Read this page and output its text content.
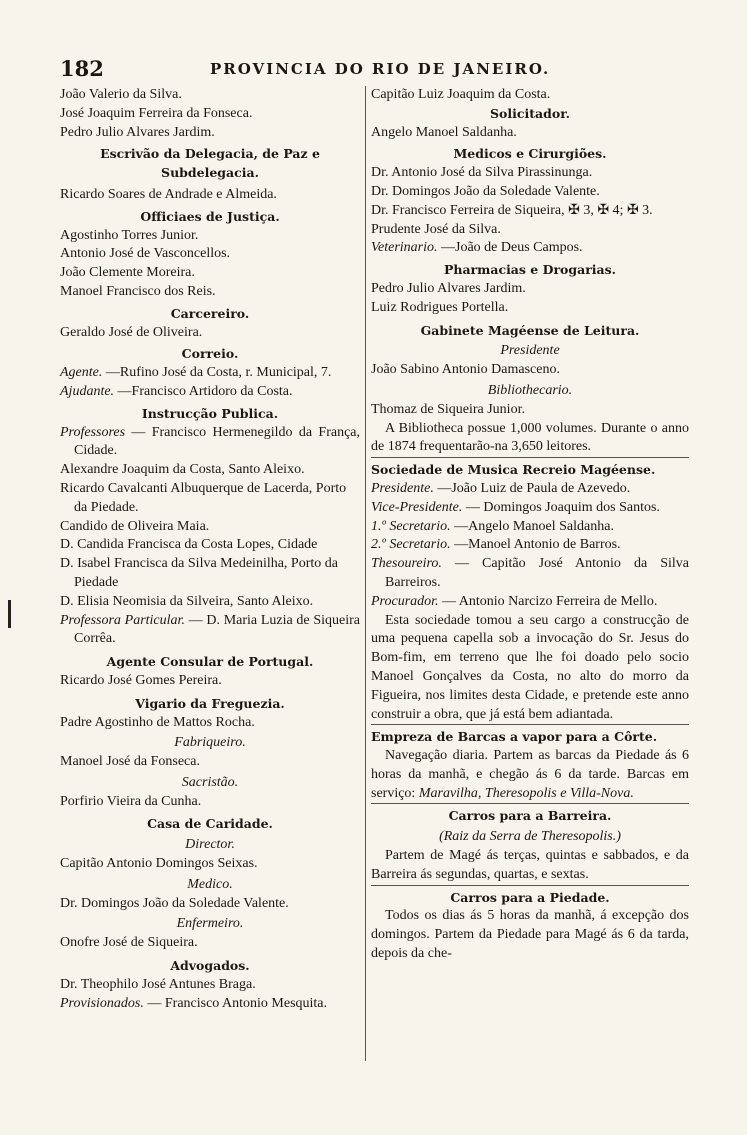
182	PROVINCIA DO RIO DE JANEIRO.

João Valerio da Silva.

José Joaquim Ferreira da Fonseca.

Pedro Julio Alvares Jardim.

Escrivão da Delegacia, de Paz e Subdelegacia.

Ricardo Soares de Andrade e Almeida.

Officiaes de Justiça.

Agostinho Torres Junior.

Antonio José de Vasconcellos.

João Clemente Moreira.

Manoel Francisco dos Reis.

Carcereiro.

Geraldo José de Oliveira.

Correio.

Agente. —Rufino José da Costa, r. Municipal, 7.

Ajudante. —Francisco Artidoro da Costa.

Instrucção Publica.

Professores — Francisco Hermenegildo da França, Cidade.

Alexandre Joaquim da Costa, Santo Aleixo.

Ricardo Cavalcanti Albuquerque de Lacerda, Porto da Piedade.

Candido de Oliveira Maia.

D. Candida Francisca da Costa Lopes, Cidade

D. Isabel Francisca da Silva Medeinilha, Porto da Piedade

D. Elisia Neomisia da Silveira, Santo Aleixo.

Professora Particular. — D. Maria Luzia de Siqueira Corrêa.

Agente Consular de Portugal.

Ricardo José Gomes Pereira.

Vigario da Freguezia.

Padre Agostinho de Mattos Rocha.

Fabriqueiro.

Manoel José da Fonseca.

Sacristão.

Porfirio Vieira da Cunha.

Casa de Caridade.

Director.

Capitão Antonio Domingos Seixas.

Medico.

Dr. Domingos João da Soledade Valente.

Enfermeiro.

Onofre José de Siqueira.

Advogados.

Dr. Theophilo José Antunes Braga.

Provisionados. — Francisco Antonio Mesquita.

Capitão Luiz Joaquim da Costa.

Solicitador.

Angelo Manoel Saldanha.

Medicos e Cirurgiões.

Dr. Antonio José da Silva Pirassinunga.

Dr. Domingos João da Soledade Valente.

Dr. Francisco Ferreira de Siqueira, ✠ 3, ✠ 4; ✠ 3.

Prudente José da Silva.

Veterinario. —João de Deus Campos.

Pharmacias e Drogarias.

Pedro Julio Alvares Jardim.

Luiz Rodrigues Portella.

Gabinete Magéense de Leitura.

Presidente

João Sabino Antonio Damasceno.

Bibliothecario.

Thomaz de Siqueira Junior.

A Bibliotheca possue 1,000 volumes. Durante o anno de 1874 frequentarão-na 3,650 leitores.

Sociedade de Musica Recreio Magéense.

Presidente. —João Luiz de Paula de Azevedo.

Vice-Presidente. — Domingos Joaquim dos Santos.

1.º Secretario. —Angelo Manoel Saldanha.

2.º Secretario. —Manoel Antonio de Barros.

Thesoureiro. — Capitão José Antonio da Silva Barreiros.

Procurador. — Antonio Narcizo Ferreira de Mello.

Esta sociedade tomou a seu cargo a construcção de uma pequena capella sob a invocação do Sr. Jesus do Bom-fim, em terreno que lhe foi doado pelo socio Manoel Gonçalves da Costa, no alto do morro da Figueira, nos limites desta Cidade, e pretende este anno construir a obra, que já está bem adiantada.

Empreza de Barcas a vapor para a Côrte.

Navegação diaria. Partem as barcas da Piedade ás 6 horas da manhã, e chegão ás 6 da tarde. Barcas em serviço: Maravilha, Theresopolis e Villa-Nova.

Carros para a Barreira.

(Raiz da Serra de Theresopolis.)

Partem de Magé ás terças, quintas e sabbados, e da Barreira ás segundas, quartas, e sextas.

Carros para a Piedade.

Todos os dias ás 5 horas da manhã, á excepção dos domingos. Partem da Piedade para Magé ás 6 da tarda, depois da che-
